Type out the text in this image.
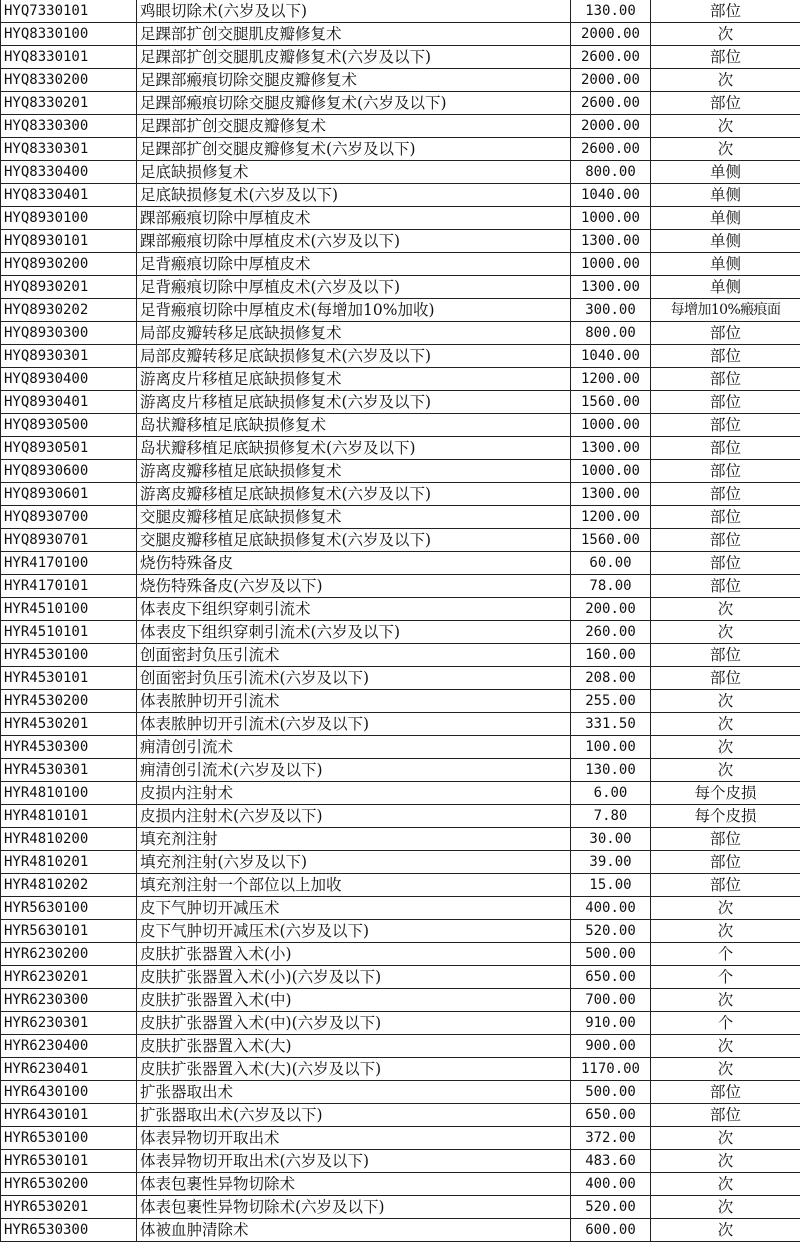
HYQ7330101	鸡眼切除术(六岁及以下)	130.00	部位
HYQ8330100	足踝部扩创交腿肌皮瓣修复术	2000.00	次
HYQ8330101	足踝部扩创交腿肌皮瓣修复术(六岁及以下)	2600.00	部位
HYQ8330200	足踝部瘢痕切除交腿皮瓣修复术	2000.00	次
HYQ8330201	足踝部瘢痕切除交腿皮瓣修复术(六岁及以下)	2600.00	部位
HYQ8330300	足踝部扩创交腿皮瓣修复术	2000.00	次
HYQ8330301	足踝部扩创交腿皮瓣修复术(六岁及以下)	2600.00	次
HYQ8330400	足底缺损修复术	800.00	单侧
HYQ8330401	足底缺损修复术(六岁及以下)	1040.00	单侧
HYQ8930100	踝部瘢痕切除中厚植皮术	1000.00	单侧
HYQ8930101	踝部瘢痕切除中厚植皮术(六岁及以下)	1300.00	单侧
HYQ8930200	足背瘢痕切除中厚植皮术	1000.00	单侧
HYQ8930201	足背瘢痕切除中厚植皮术(六岁及以下)	1300.00	单侧
HYQ8930202	足背瘢痕切除中厚植皮术(每增加10%加收)	300.00	每增加10%瘢痕面
HYQ8930300	局部皮瓣转移足底缺损修复术	800.00	部位
HYQ8930301	局部皮瓣转移足底缺损修复术(六岁及以下)	1040.00	部位
HYQ8930400	游离皮片移植足底缺损修复术	1200.00	部位
HYQ8930401	游离皮片移植足底缺损修复术(六岁及以下)	1560.00	部位
HYQ8930500	岛状瓣移植足底缺损修复术	1000.00	部位
HYQ8930501	岛状瓣移植足底缺损修复术(六岁及以下)	1300.00	部位
HYQ8930600	游离皮瓣移植足底缺损修复术	1000.00	部位
HYQ8930601	游离皮瓣移植足底缺损修复术(六岁及以下)	1300.00	部位
HYQ8930700	交腿皮瓣移植足底缺损修复术	1200.00	部位
HYQ8930701	交腿皮瓣移植足底缺损修复术(六岁及以下)	1560.00	部位
HYR4170100	烧伤特殊备皮	60.00	部位
HYR4170101	烧伤特殊备皮(六岁及以下)	78.00	部位
HYR4510100	体表皮下组织穿刺引流术	200.00	次
HYR4510101	体表皮下组织穿刺引流术(六岁及以下)	260.00	次
HYR4530100	创面密封负压引流术	160.00	部位
HYR4530101	创面密封负压引流术(六岁及以下)	208.00	部位
HYR4530200	体表脓肿切开引流术	255.00	次
HYR4530201	体表脓肿切开引流术(六岁及以下)	331.50	次
HYR4530300	痈清创引流术	100.00	次
HYR4530301	痈清创引流术(六岁及以下)	130.00	次
HYR4810100	皮损内注射术	6.00	每个皮损
HYR4810101	皮损内注射术(六岁及以下)	7.80	每个皮损
HYR4810200	填充剂注射	30.00	部位
HYR4810201	填充剂注射(六岁及以下)	39.00	部位
HYR4810202	填充剂注射一个部位以上加收	15.00	部位
HYR5630100	皮下气肿切开减压术	400.00	次
HYR5630101	皮下气肿切开减压术(六岁及以下)	520.00	次
HYR6230200	皮肤扩张器置入术(小)	500.00	个
HYR6230201	皮肤扩张器置入术(小)(六岁及以下)	650.00	个
HYR6230300	皮肤扩张器置入术(中)	700.00	次
HYR6230301	皮肤扩张器置入术(中)(六岁及以下)	910.00	个
HYR6230400	皮肤扩张器置入术(大)	900.00	次
HYR6230401	皮肤扩张器置入术(大)(六岁及以下)	1170.00	次
HYR6430100	扩张器取出术	500.00	部位
HYR6430101	扩张器取出术(六岁及以下)	650.00	部位
HYR6530100	体表异物切开取出术	372.00	次
HYR6530101	体表异物切开取出术(六岁及以下)	483.60	次
HYR6530200	体表包裹性异物切除术	400.00	次
HYR6530201	体表包裹性异物切除术(六岁及以下)	520.00	次
HYR6530300	体被血肿清除术	600.00	次
